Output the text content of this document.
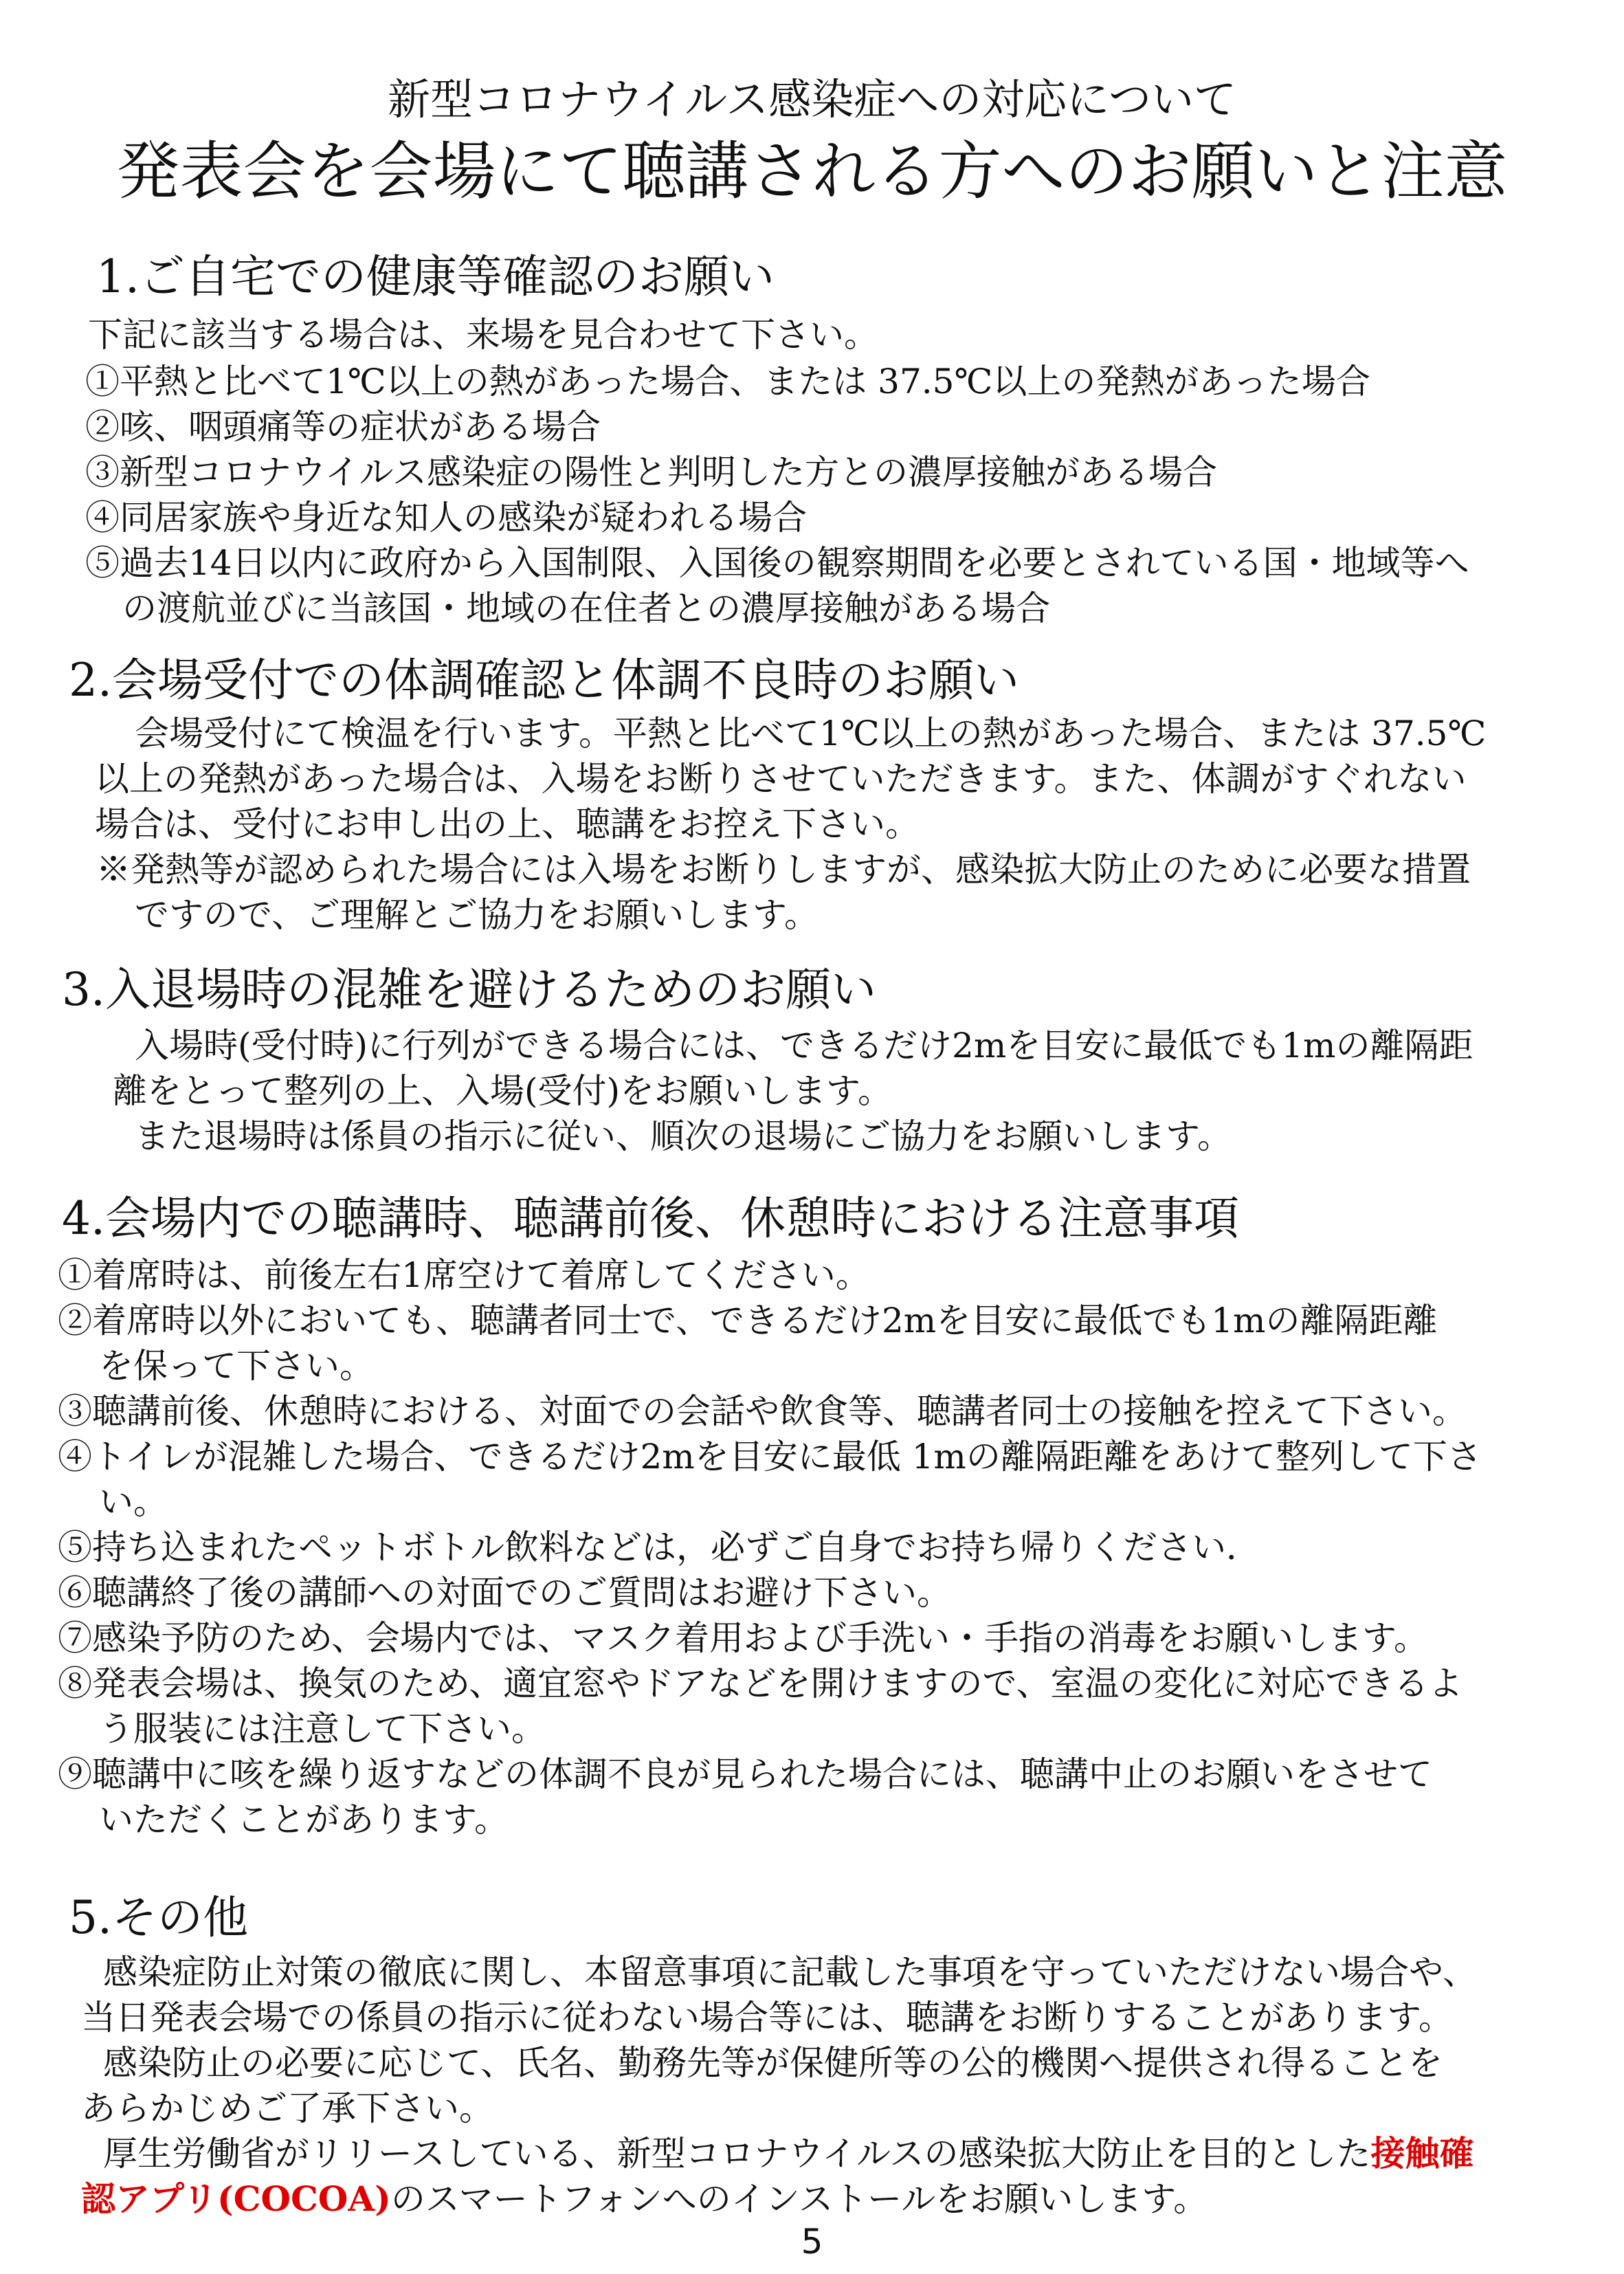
新型コロナウイルス感染症への対応について
発表会を会場にて聴講される方へのお願いと注意
1.ご自宅での健康等確認のお願い
下記に該当する場合は、来場を見合わせて下さい。
①平熱と比べて1℃以上の熱があった場合、または 37.5℃以上の発熱があった場合
②咳、咽頭痛等の症状がある場合
③新型コロナウイルス感染症の陽性と判明した方との濃厚接触がある場合
④同居家族や身近な知人の感染が疑われる場合
⑤過去14日以内に政府から入国制限、入国後の観察期間を必要とされている国・地域等へ
の渡航並びに当該国・地域の在住者との濃厚接触がある場合
2.会場受付での体調確認と体調不良時のお願い
会場受付にて検温を行います。平熱と比べて1℃以上の熱があった場合、または 37.5℃
以上の発熱があった場合は、入場をお断りさせていただきます。また、体調がすぐれない
場合は、受付にお申し出の上、聴講をお控え下さい。
※発熱等が認められた場合には入場をお断りしますが、感染拡大防止のために必要な措置
ですので、ご理解とご協力をお願いします。
3.入退場時の混雑を避けるためのお願い
入場時(受付時)に行列ができる場合には、できるだけ2mを目安に最低でも1mの離隔距
離をとって整列の上、入場(受付)をお願いします。
また退場時は係員の指示に従い、順次の退場にご協力をお願いします。
4.会場内での聴講時、聴講前後、休憩時における注意事項
①着席時は、前後左右1席空けて着席してください。
②着席時以外においても、聴講者同士で、できるだけ2mを目安に最低でも1mの離隔距離
を保って下さい。
③聴講前後、休憩時における、対面での会話や飲食等、聴講者同士の接触を控えて下さい。
④トイレが混雑した場合、できるだけ2mを目安に最低 1mの離隔距離をあけて整列して下さ
い。
⑤持ち込まれたペットボトル飲料などは，必ずご自身でお持ち帰りください．
⑥聴講終了後の講師への対面でのご質問はお避け下さい。
⑦感染予防のため、会場内では、マスク着用および手洗い・手指の消毒をお願いします。
⑧発表会場は、換気のため、適宜窓やドアなどを開けますので、室温の変化に対応できるよ
う服装には注意して下さい。
⑨聴講中に咳を繰り返すなどの体調不良が見られた場合には、聴講中止のお願いをさせて
いただくことがあります。
5.その他
感染症防止対策の徹底に関し、本留意事項に記載した事項を守っていただけない場合や、
当日発表会場での係員の指示に従わない場合等には、聴講をお断りすることがあります。
感染防止の必要に応じて、氏名、勤務先等が保健所等の公的機関へ提供され得ることを
あらかじめご了承下さい。
厚生労働省がリリースしている、新型コロナウイルスの感染拡大防止を目的とした接触確
認アプリ(COCOA)のスマートフォンへのインストールをお願いします。
5
